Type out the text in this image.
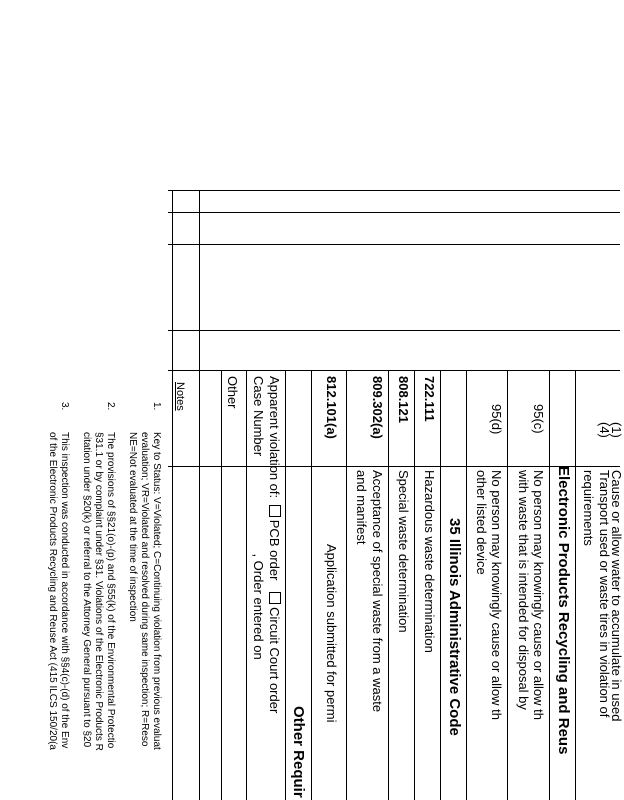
(1)
Cause or allow water to accumulate in used
(4)
Transport used or waste tires in violation of
requirements
Electronic Products Recycling and Reus
95(c)
No person may knowingly cause or allow th
with waste that is intended for disposal by
95(d)
No person may knowingly cause or allow th
other listed device
35 Illinois Administrative Code
722.111
Hazardous waste determination
808.121
Special waste determination
809.302(a)
Acceptance of special waste from a waste
and manifest
812.101(a)
Application submitted for permi
Other Requir
Apparent violation of: PCB order Circuit Court order
Case Number  , Order entered on
Other
Notes
1.
Key to Status: V=Violated; C=Continuing violation from previous evaluat
evaluation; VR=Violated and resolved during same inspection; R=Reso
NE=Not evaluated at the time of inspection
2.
The provisions of §§21(o)-(p) and §55(k) of the Environmental Protectio
§31.1 or by complaint under §31. Violations of the Electronic Products R
citation under §20(k) or referral to the Attorney General pursuant to §20
3.
This inspection was conducted in accordance with §§4(c)-(d) of the Env
of the Electronic Products Recycling and Reuse Act (415 ILCS 150/20(a
